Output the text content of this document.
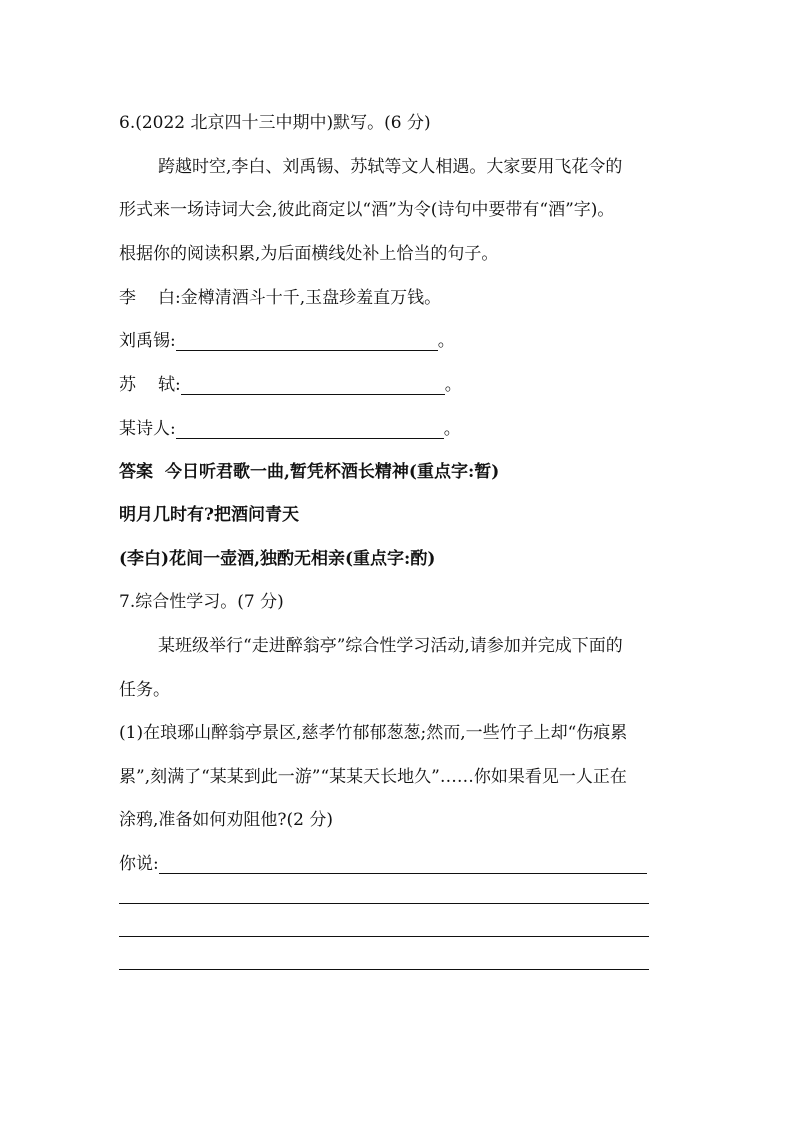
6.(2022 北京四十三中期中)默写。(6 分)
跨越时空,李白、刘禹锡、苏轼等文人相遇。大家要用飞花令的
形式来一场诗词大会,彼此商定以“酒”为令(诗句中要带有“酒”字)。
根据你的阅读积累,为后面横线处补上恰当的句子。
李 白:金樽清酒斗十千,玉盘珍羞直万钱。
刘禹锡:	。
苏 轼:	。
某诗人:	。
答案 今日听君歌一曲,暂凭杯酒长精神(重点字:暂)
明月几时有?把酒问青天
(李白)花间一壶酒,独酌无相亲(重点字:酌)
7.综合性学习。(7 分)
某班级举行“走进醉翁亭”综合性学习活动,请参加并完成下面的
任务。
(1)在琅琊山醉翁亭景区,慈孝竹郁郁葱葱;然而,一些竹子上却“伤痕累
累”,刻满了“某某到此一游”“某某天长地久”……你如果看见一人正在
涂鸦,准备如何劝阻他?(2 分)
你说:
